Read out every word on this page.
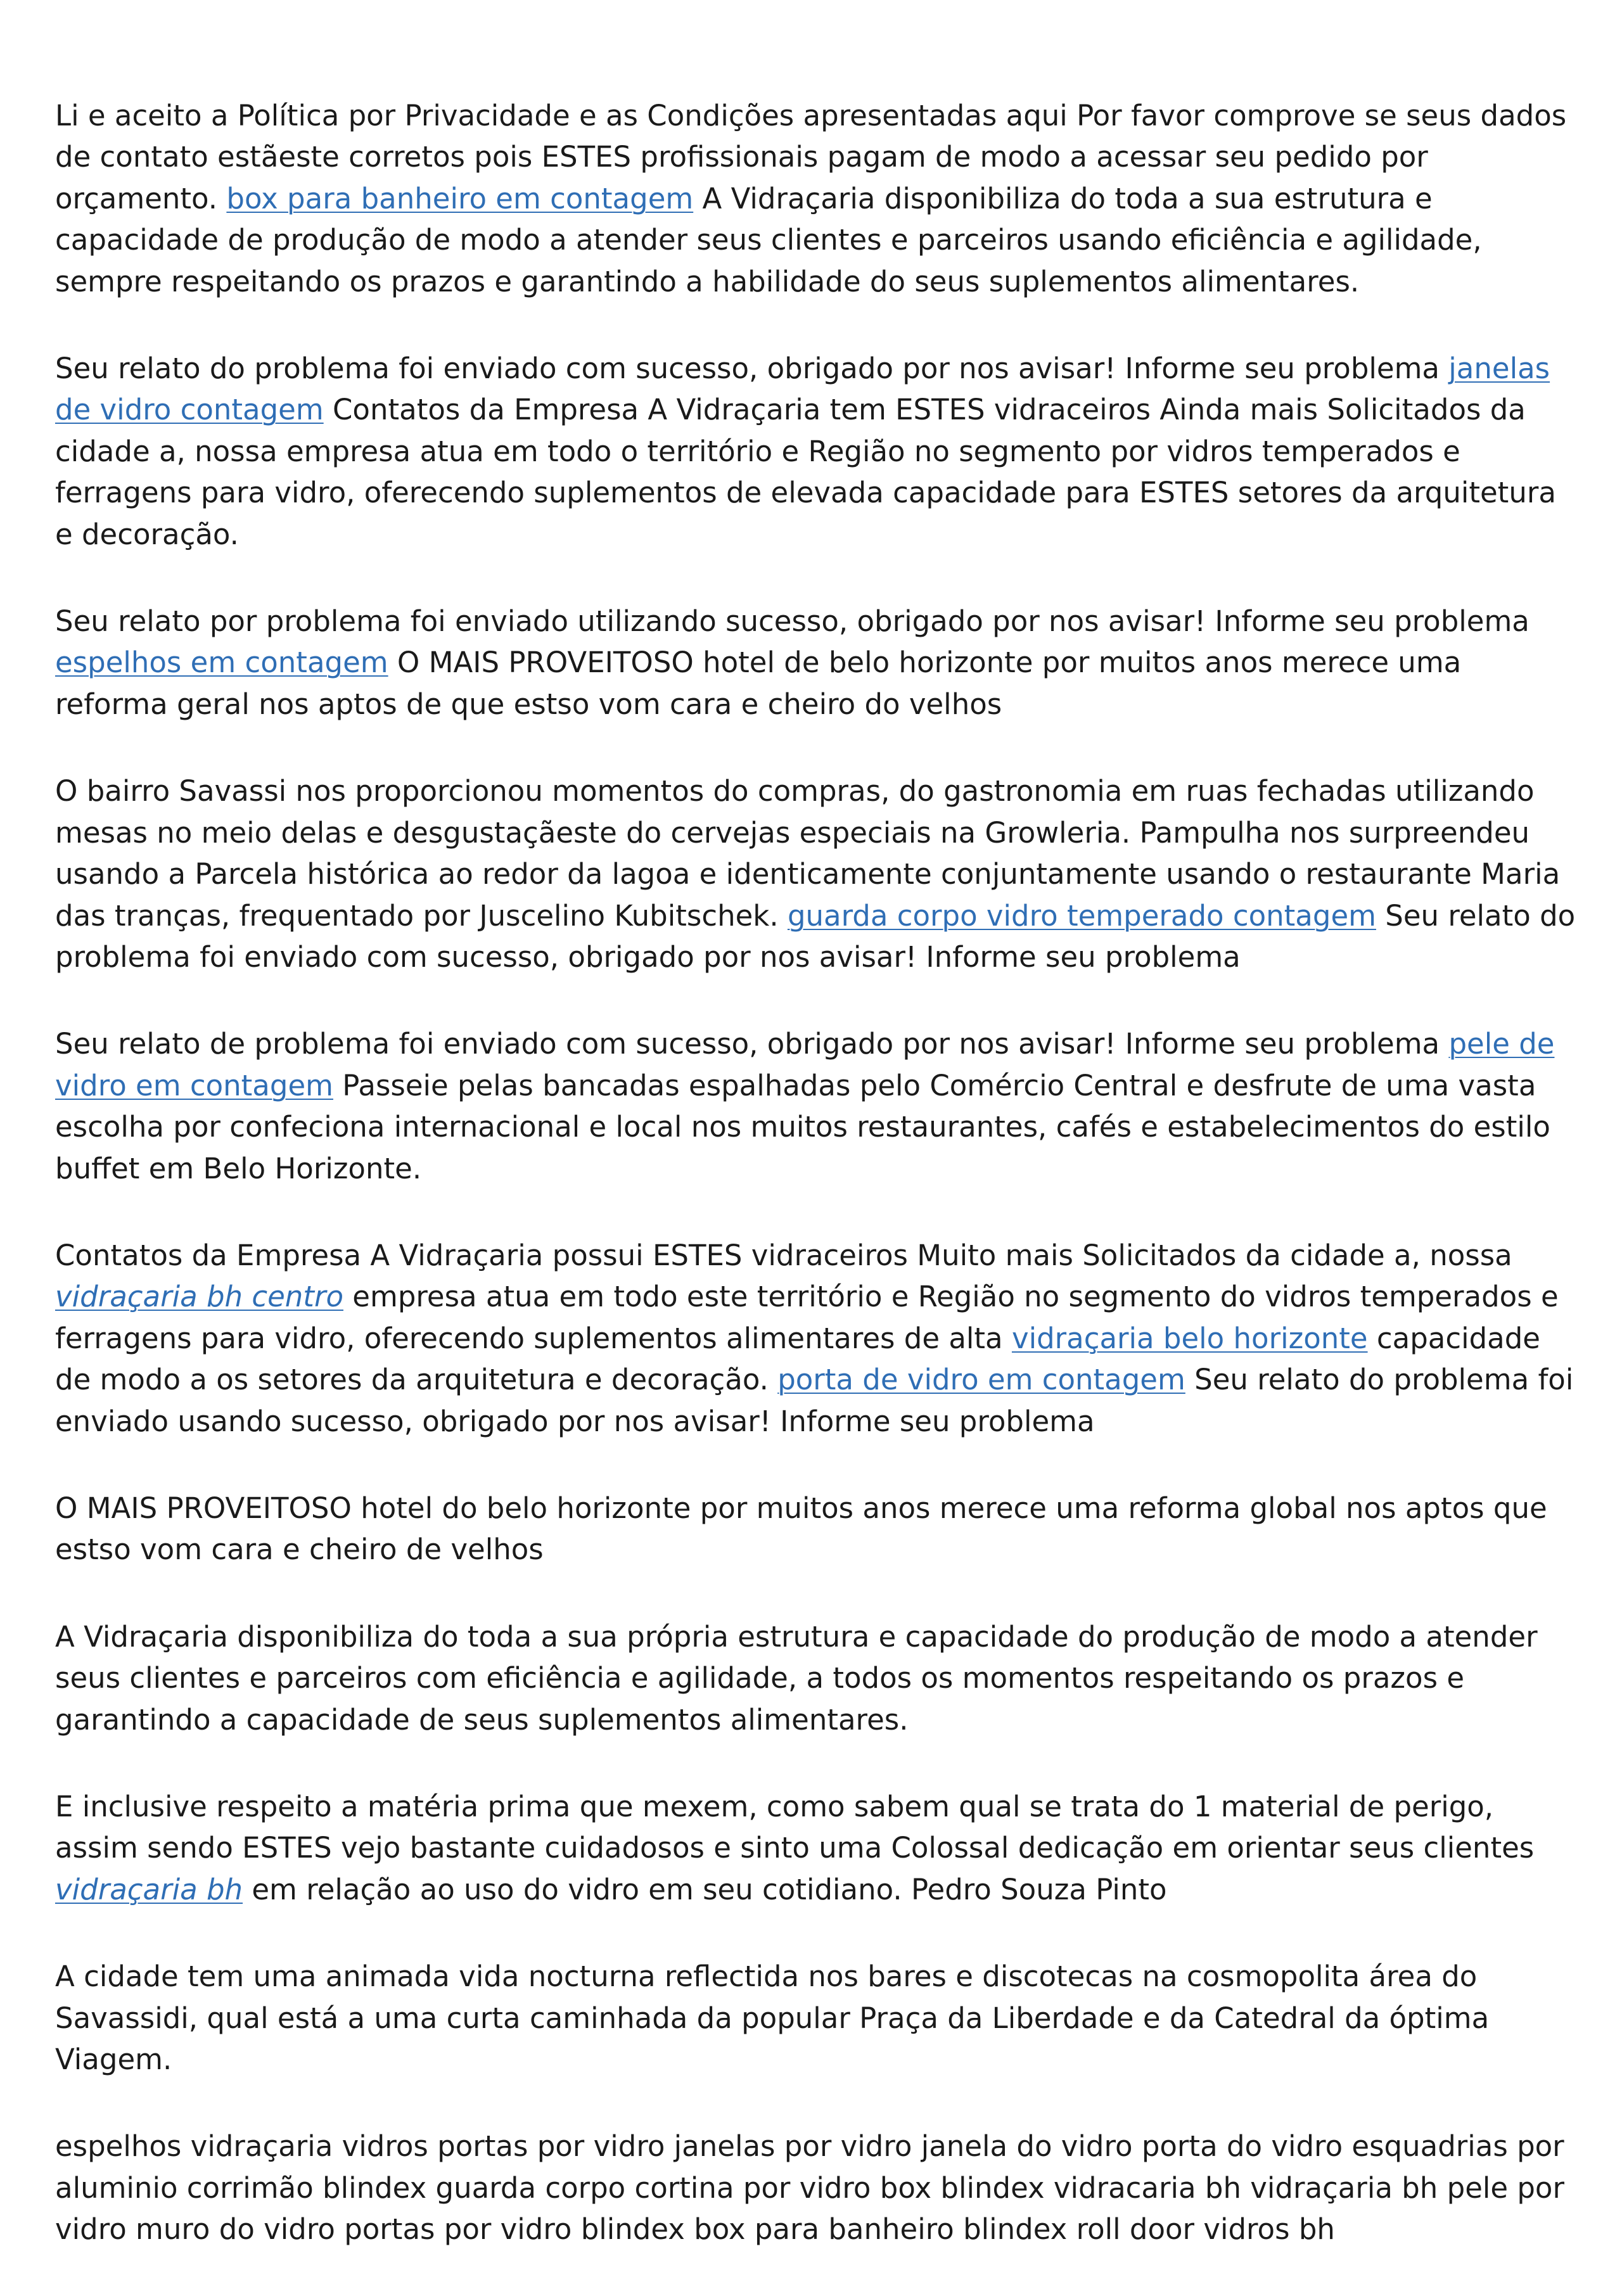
Li e aceito a Política por Privacidade e as Condições apresentadas aqui Por favor comprove se seus dados de contato estãeste corretos pois ESTES profissionais pagam de modo a acessar seu pedido por orçamento. box para banheiro em contagem A Vidraçaria disponibiliza do toda a sua estrutura e capacidade de produção de modo a atender seus clientes e parceiros usando eficiência e agilidade, sempre respeitando os prazos e garantindo a habilidade do seus suplementos alimentares.

Seu relato do problema foi enviado com sucesso, obrigado por nos avisar! Informe seu problema janelas de vidro contagem Contatos da Empresa A Vidraçaria tem ESTES vidraceiros Ainda mais Solicitados da cidade a, nossa empresa atua em todo o território e Região no segmento por vidros temperados e ferragens para vidro, oferecendo suplementos de elevada capacidade para ESTES setores da arquitetura e decoração.

Seu relato por problema foi enviado utilizando sucesso, obrigado por nos avisar! Informe seu problema espelhos em contagem O MAIS PROVEITOSO hotel de belo horizonte por muitos anos merece uma reforma geral nos aptos de que estso vom cara e cheiro do velhos

O bairro Savassi nos proporcionou momentos do compras, do gastronomia em ruas fechadas utilizando mesas no meio delas e desgustaçãeste do cervejas especiais na Growleria. Pampulha nos surpreendeu usando a Parcela histórica ao redor da lagoa e identicamente conjuntamente usando o restaurante Maria das tranças, frequentado por Juscelino Kubitschek. guarda corpo vidro temperado contagem Seu relato do problema foi enviado com sucesso, obrigado por nos avisar! Informe seu problema

Seu relato de problema foi enviado com sucesso, obrigado por nos avisar! Informe seu problema pele de vidro em contagem Passeie pelas bancadas espalhadas pelo Comércio Central e desfrute de uma vasta escolha por confeciona internacional e local nos muitos restaurantes, cafés e estabelecimentos do estilo buffet em Belo Horizonte.

Contatos da Empresa A Vidraçaria possui ESTES vidraceiros Muito mais Solicitados da cidade a, nossa vidraçaria bh centro empresa atua em todo este território e Região no segmento do vidros temperados e ferragens para vidro, oferecendo suplementos alimentares de alta vidraçaria belo horizonte capacidade de modo a os setores da arquitetura e decoração. porta de vidro em contagem Seu relato do problema foi enviado usando sucesso, obrigado por nos avisar! Informe seu problema

O MAIS PROVEITOSO hotel do belo horizonte por muitos anos merece uma reforma global nos aptos que estso vom cara e cheiro de velhos

A Vidraçaria disponibiliza do toda a sua própria estrutura e capacidade do produção de modo a atender seus clientes e parceiros com eficiência e agilidade, a todos os momentos respeitando os prazos e garantindo a capacidade de seus suplementos alimentares.

E inclusive respeito a matéria prima que mexem, como sabem qual se trata do 1 material de perigo, assim sendo ESTES vejo bastante cuidadosos e sinto uma Colossal dedicação em orientar seus clientes vidraçaria bh em relação ao uso do vidro em seu cotidiano. Pedro Souza Pinto

A cidade tem uma animada vida nocturna reflectida nos bares e discotecas na cosmopolita área do Savassidi, qual está a uma curta caminhada da popular Praça da Liberdade e da Catedral da óptima Viagem.

espelhos vidraçaria vidros portas por vidro janelas por vidro janela do vidro porta do vidro esquadrias por aluminio corrimão blindex guarda corpo cortina por vidro box blindex vidracaria bh vidraçaria bh pele por vidro muro do vidro portas por vidro blindex box para banheiro blindex roll door vidros bh
